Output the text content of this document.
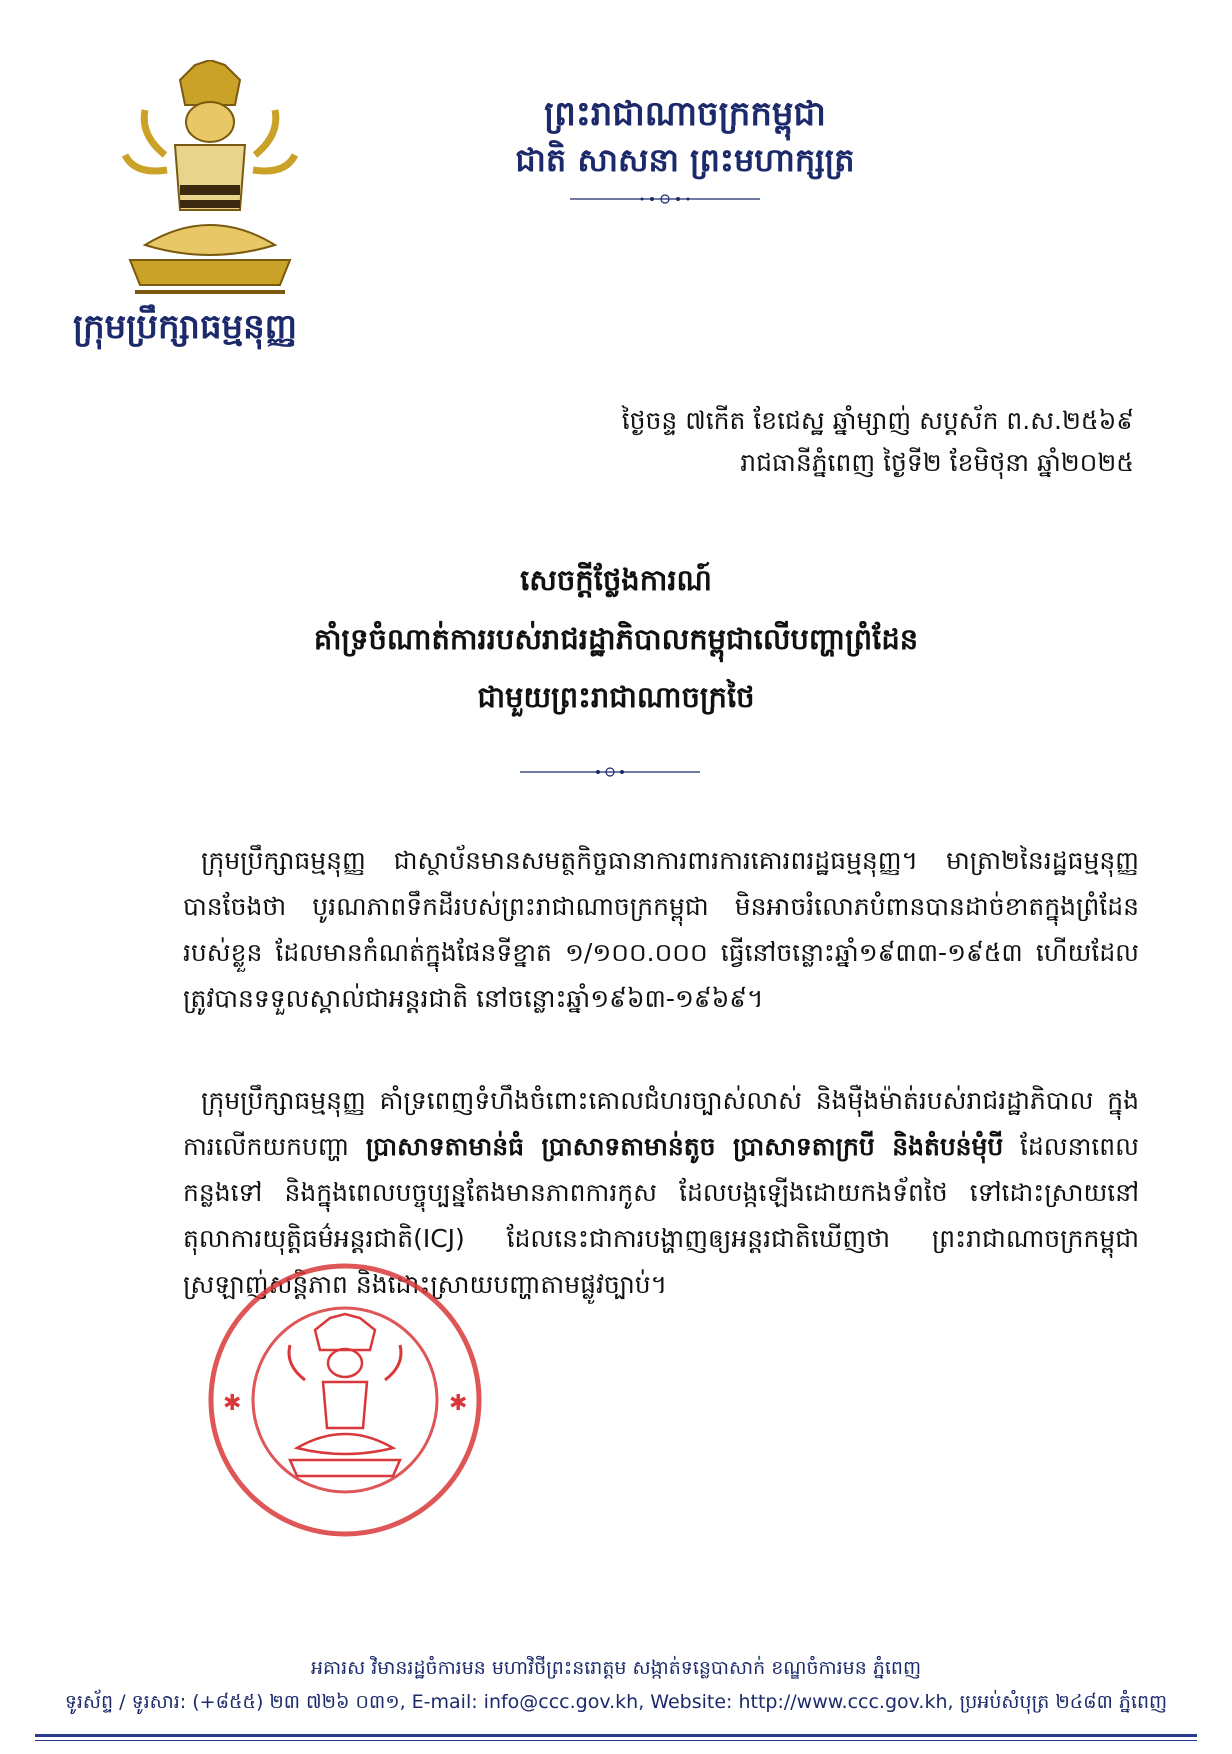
ក្រុមប្រឹក្សាធម្មនុញ្ញ
ព្រះរាជាណាចក្រកម្ពុជា
ជាតិ សាសនា ព្រះមហាក្សត្រ
ថ្ងៃចន្ទ ៧កើត ខែជេស្ឋ ឆ្នាំម្សាញ់ សប្តស័ក ព.ស.២៥៦៩
រាជធានីភ្នំពេញ ថ្ងៃទី២ ខែមិថុនា ឆ្នាំ២០២៥
សេចក្តីថ្លែងការណ៍
គាំទ្រចំណាត់ការរបស់រាជរដ្ឋាភិបាលកម្ពុជាលើបញ្ហាព្រំដែន
ជាមួយព្រះរាជាណាចក្រថៃ

ក្រុមប្រឹក្សាធម្មនុញ្ញ ជាស្ថាប័នមានសមត្ថកិច្ចធានាការពារការគោរពរដ្ឋធម្មនុញ្ញ។ មាត្រា២នៃរដ្ឋធម្មនុញ្ញ បានចែងថា បូរណភាពទឹកដីរបស់ព្រះរាជាណាចក្រកម្ពុជា មិនអាចរំលោភបំពានបានដាច់ខាតក្នុងព្រំដែនរបស់ខ្លួន ដែលមានកំណត់ក្នុងផែនទីខ្នាត ១/១០០.០០០ ធ្វើនៅចន្លោះឆ្នាំ១៩៣៣-១៩៥៣ ហើយដែលត្រូវបានទទួលស្គាល់ជាអន្តរជាតិ នៅចន្លោះឆ្នាំ១៩៦៣-១៩៦៩។

ក្រុមប្រឹក្សាធម្មនុញ្ញ គាំទ្រពេញទំហឹងចំពោះគោលជំហរច្បាស់លាស់ និងម៉ឺងម៉ាត់របស់រាជរដ្ឋាភិបាល ក្នុងការលើកយកបញ្ហា ប្រាសាទតាមាន់ធំ ប្រាសាទតាមាន់តូច ប្រាសាទតាក្របី និងតំបន់មុំបី ដែលនាពេលកន្លងទៅ និងក្នុងពេលបច្ចុប្បន្នតែងមានភាពការកូស ដែលបង្កឡើងដោយកងទ័ពថៃ ទៅដោះស្រាយនៅតុលាការយុត្តិធម៌អន្តរជាតិ(ICJ) ដែលនេះជាការបង្ហាញឲ្យអន្តរជាតិឃើញថា ព្រះរាជាណាចក្រកម្ពុជា ស្រឡាញ់សន្តិភាព និងដោះស្រាយបញ្ហាតាមផ្លូវច្បាប់។

✱	✱
អគារស វិមានរដ្ឋចំការមន មហាវិថីព្រះនរោត្តម សង្កាត់ទន្លេបាសាក់ ខណ្ឌចំការមន ភ្នំពេញ
ទូរស័ព្ទ / ទូរសារ: (+៨៥៥) ២៣ ៧២៦ ០៣១, E-mail: info@ccc.gov.kh, Website: http://www.ccc.gov.kh, ប្រអប់សំបុត្រ ២៤៨៣ ភ្នំពេញ
